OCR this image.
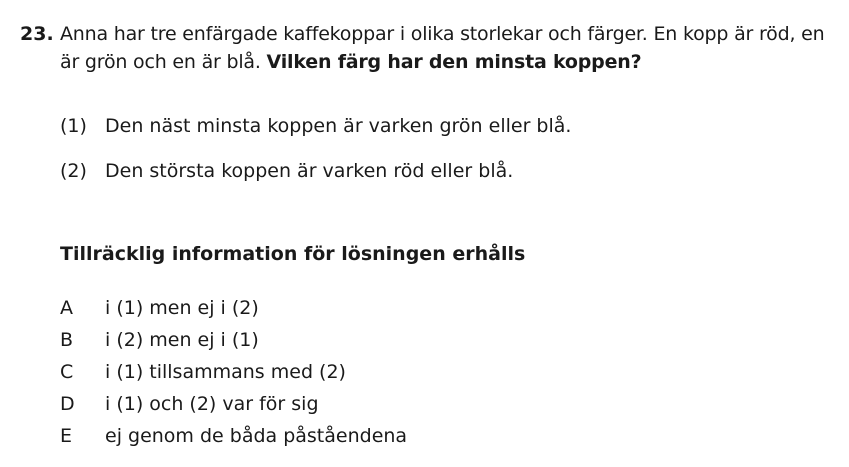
23. Anna har tre enfärgade kaffekoppar i olika storlekar och färger. En kopp är röd, en är grön och en är blå. Vilken färg har den minsta koppen?
(1) Den näst minsta koppen är varken grön eller blå.
(2) Den största koppen är varken röd eller blå.
Tillräcklig information för lösningen erhålls
A	i (1) men ej i (2)
B	i (2) men ej i (1)
C	i (1) tillsammans med (2)
D	i (1) och (2) var för sig
E	ej genom de båda påståendena
